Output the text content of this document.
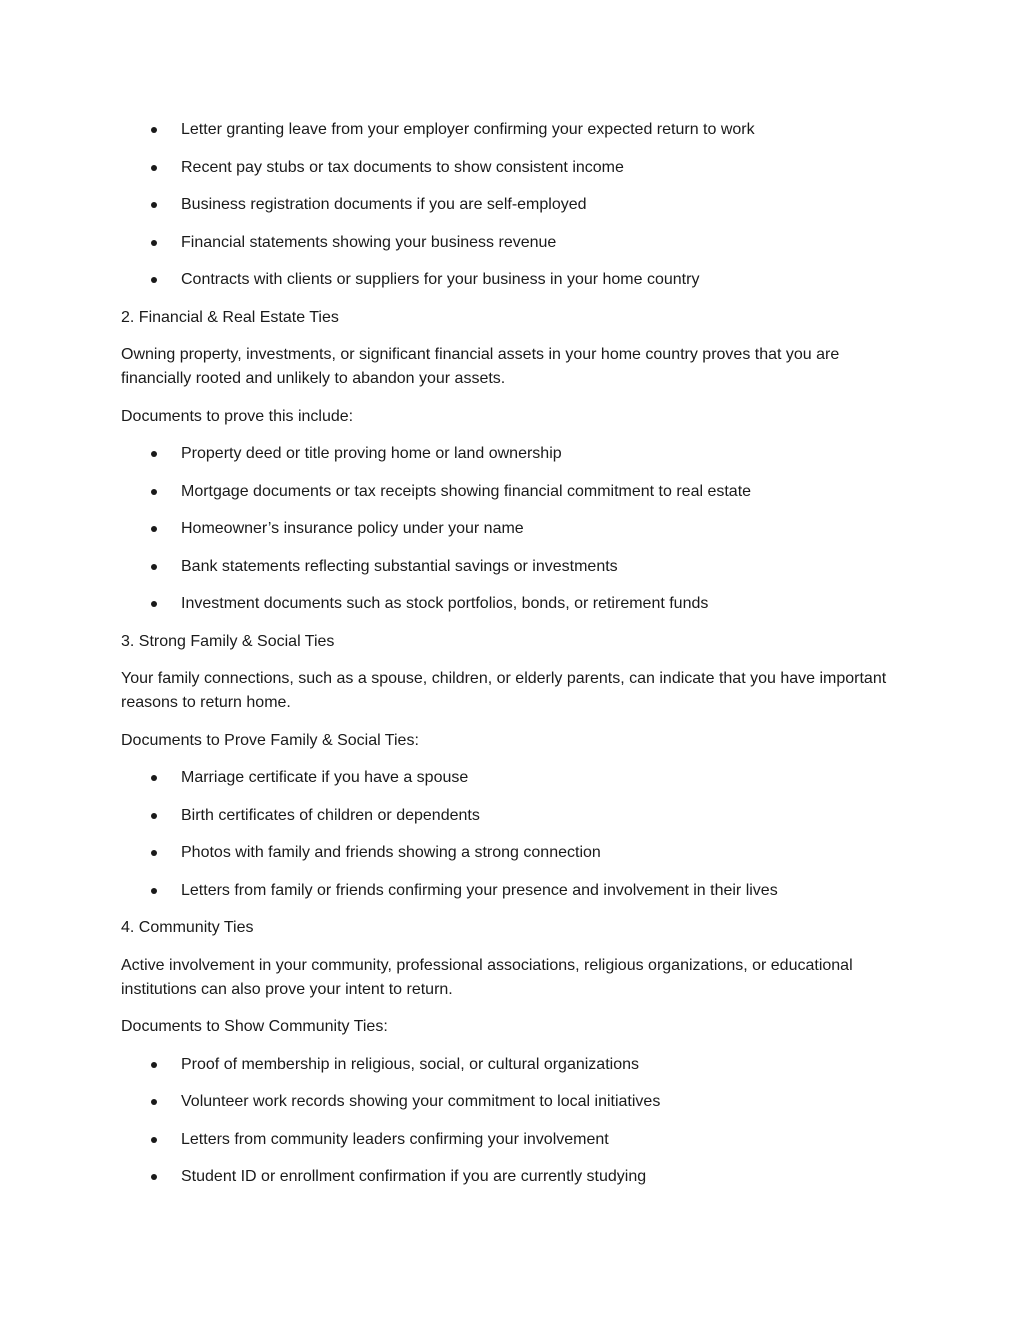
Letter granting leave from your employer confirming your expected return to work
Recent pay stubs or tax documents to show consistent income
Business registration documents if you are self-employed
Financial statements showing your business revenue
Contracts with clients or suppliers for your business in your home country

2. Financial & Real Estate Ties

Owning property, investments, or significant financial assets in your home country proves that you are financially rooted and unlikely to abandon your assets.

Documents to prove this include:

Property deed or title proving home or land ownership
Mortgage documents or tax receipts showing financial commitment to real estate
Homeowner’s insurance policy under your name
Bank statements reflecting substantial savings or investments
Investment documents such as stock portfolios, bonds, or retirement funds

3. Strong Family & Social Ties

Your family connections, such as a spouse, children, or elderly parents, can indicate that you have important reasons to return home.

Documents to Prove Family & Social Ties:

Marriage certificate if you have a spouse
Birth certificates of children or dependents
Photos with family and friends showing a strong connection
Letters from family or friends confirming your presence and involvement in their lives

4. Community Ties

Active involvement in your community, professional associations, religious organizations, or educational institutions can also prove your intent to return.

Documents to Show Community Ties:

Proof of membership in religious, social, or cultural organizations
Volunteer work records showing your commitment to local initiatives
Letters from community leaders confirming your involvement
Student ID or enrollment confirmation if you are currently studying
